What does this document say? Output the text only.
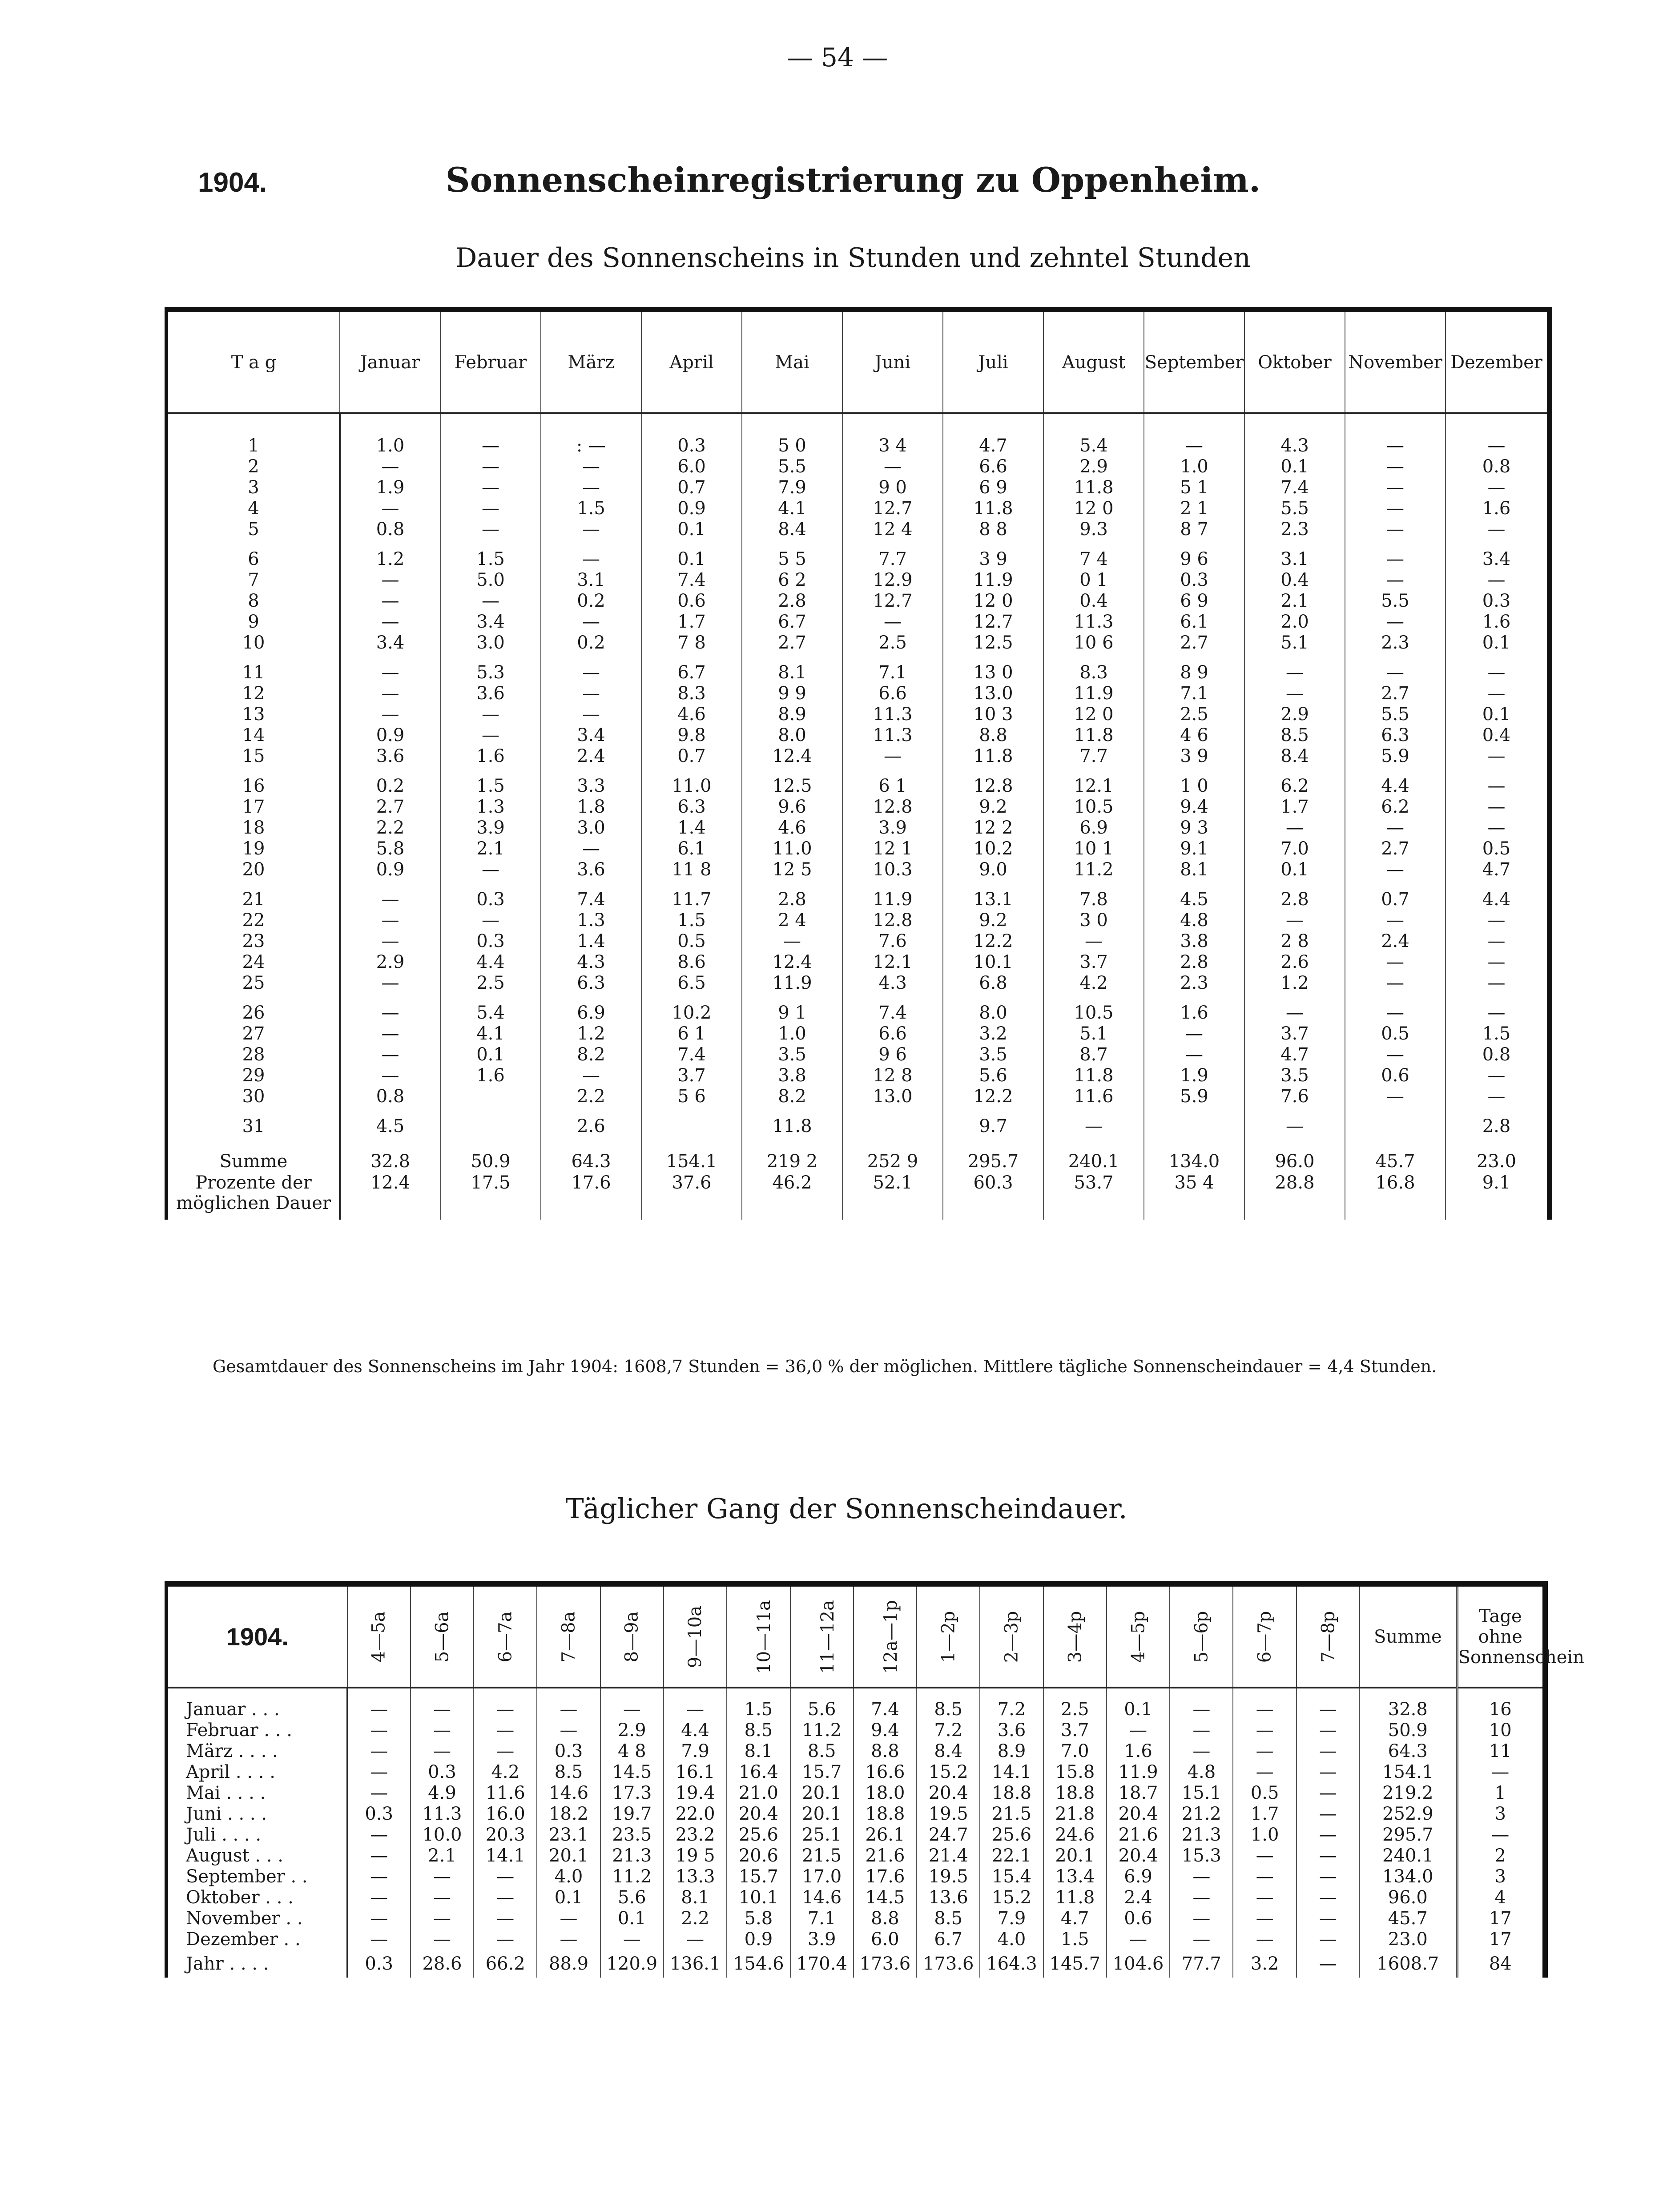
— 54 —
1904.	Sonnenscheinregistrierung zu Oppenheim.
Dauer des Sonnenscheins in Stunden und zehntel Stunden
T a g	Januar	Februar	März	April	Mai	Juni	Juli	August	September	Oktober	November	Dezember

1	1.0	—	: —	0.3	5 0	3 4	4.7	5.4	—	4.3	—	—
2	—	—	—	6.0	5.5	—	6.6	2.9	1.0	0.1	—	0.8
3	1.9	—	—	0.7	7.9	9 0	6 9	11.8	5 1	7.4	—	—
4	—	—	1.5	0.9	4.1	12.7	11.8	12 0	2 1	5.5	—	1.6
5	0.8	—	—	0.1	8.4	12 4	8 8	9.3	8 7	2.3	—	—

6	1.2	1.5	—	0.1	5 5	7.7	3 9	7 4	9 6	3.1	—	3.4
7	—	5.0	3.1	7.4	6 2	12.9	11.9	0 1	0.3	0.4	—	—
8	—	—	0.2	0.6	2.8	12.7	12 0	0.4	6 9	2.1	5.5	0.3
9	—	3.4	—	1.7	6.7	—	12.7	11.3	6.1	2.0	—	1.6
10	3.4	3.0	0.2	7 8	2.7	2.5	12.5	10 6	2.7	5.1	2.3	0.1

11	—	5.3	—	6.7	8.1	7.1	13 0	8.3	8 9	—	—	—
12	—	3.6	—	8.3	9 9	6.6	13.0	11.9	7.1	—	2.7	—
13	—	—	—	4.6	8.9	11.3	10 3	12 0	2.5	2.9	5.5	0.1
14	0.9	—	3.4	9.8	8.0	11.3	8.8	11.8	4 6	8.5	6.3	0.4
15	3.6	1.6	2.4	0.7	12.4	—	11.8	7.7	3 9	8.4	5.9	—

16	0.2	1.5	3.3	11.0	12.5	6 1	12.8	12.1	1 0	6.2	4.4	—
17	2.7	1.3	1.8	6.3	9.6	12.8	9.2	10.5	9.4	1.7	6.2	—
18	2.2	3.9	3.0	1.4	4.6	3.9	12 2	6.9	9 3	—	—	—
19	5.8	2.1	—	6.1	11.0	12 1	10.2	10 1	9.1	7.0	2.7	0.5
20	0.9	—	3.6	11 8	12 5	10.3	9.0	11.2	8.1	0.1	—	4.7

21	—	0.3	7.4	11.7	2.8	11.9	13.1	7.8	4.5	2.8	0.7	4.4
22	—	—	1.3	1.5	2 4	12.8	9.2	3 0	4.8	—	—	—
23	—	0.3	1.4	0.5	—	7.6	12.2	—	3.8	2 8	2.4	—
24	2.9	4.4	4.3	8.6	12.4	12.1	10.1	3.7	2.8	2.6	—	—
25	—	2.5	6.3	6.5	11.9	4.3	6.8	4.2	2.3	1.2	—	—

26	—	5.4	6.9	10.2	9 1	7.4	8.0	10.5	1.6	—	—	—
27	—	4.1	1.2	6 1	1.0	6.6	3.2	5.1	—	3.7	0.5	1.5
28	—	0.1	8.2	7.4	3.5	9 6	3.5	8.7	—	4.7	—	0.8
29	—	1.6	—	3.7	3.8	12 8	5.6	11.8	1.9	3.5	0.6	—
30	0.8		2.2	5 6	8.2	13.0	12.2	11.6	5.9	7.6	—	—

31	4.5		2.6		11.8		9.7	—		—		2.8

Summe	32.8	50.9	64.3	154.1	219 2	252 9	295.7	240.1	134.0	96.0	45.7	23.0
Prozente der möglichen Dauer	12.4	17.5	17.6	37.6	46.2	52.1	60.3	53.7	35 4	28.8	16.8	9.1

Gesamtdauer des Sonnenscheins im Jahr 1904: 1608,7 Stunden = 36,0 % der möglichen. Mittlere tägliche Sonnenscheindauer = 4,4 Stunden.
Täglicher Gang der Sonnenscheindauer.
1904.	4—5a	5—6a	6—7a	7—8a	8—9a	9—10a	10—11a	11—12a	12a—1p	1—2p	2—3p	3—4p	4—5p	5—6p	6—7p	7—8p	Summe	Tage ohne Sonnenschein

Januar . . .	—	—	—	—	—	—	1.5	5.6	7.4	8.5	7.2	2.5	0.1	—	—	—	32.8	16
Februar . . .	—	—	—	—	2.9	4.4	8.5	11.2	9.4	7.2	3.6	3.7	—	—	—	—	50.9	10
März . . . .	—	—	—	0.3	4 8	7.9	8.1	8.5	8.8	8.4	8.9	7.0	1.6	—	—	—	64.3	11
April . . . .	—	0.3	4.2	8.5	14.5	16.1	16.4	15.7	16.6	15.2	14.1	15.8	11.9	4.8	—	—	154.1	—
Mai . . . .	—	4.9	11.6	14.6	17.3	19.4	21.0	20.1	18.0	20.4	18.8	18.8	18.7	15.1	0.5	—	219.2	1
Juni . . . .	0.3	11.3	16.0	18.2	19.7	22.0	20.4	20.1	18.8	19.5	21.5	21.8	20.4	21.2	1.7	—	252.9	3
Juli . . . .	—	10.0	20.3	23.1	23.5	23.2	25.6	25.1	26.1	24.7	25.6	24.6	21.6	21.3	1.0	—	295.7	—
August . . .	—	2.1	14.1	20.1	21.3	19 5	20.6	21.5	21.6	21.4	22.1	20.1	20.4	15.3	—	—	240.1	2
September . .	—	—	—	4.0	11.2	13.3	15.7	17.0	17.6	19.5	15.4	13.4	6.9	—	—	—	134.0	3
Oktober . . .	—	—	—	0.1	5.6	8.1	10.1	14.6	14.5	13.6	15.2	11.8	2.4	—	—	—	96.0	4
November . .	—	—	—	—	0.1	2.2	5.8	7.1	8.8	8.5	7.9	4.7	0.6	—	—	—	45.7	17
Dezember . .	—	—	—	—	—	—	0.9	3.9	6.0	6.7	4.0	1.5	—	—	—	—	23.0	17
Jahr . . . .	0.3	28.6	66.2	88.9	120.9	136.1	154.6	170.4	173.6	173.6	164.3	145.7	104.6	77.7	3.2	—	1608.7	84
